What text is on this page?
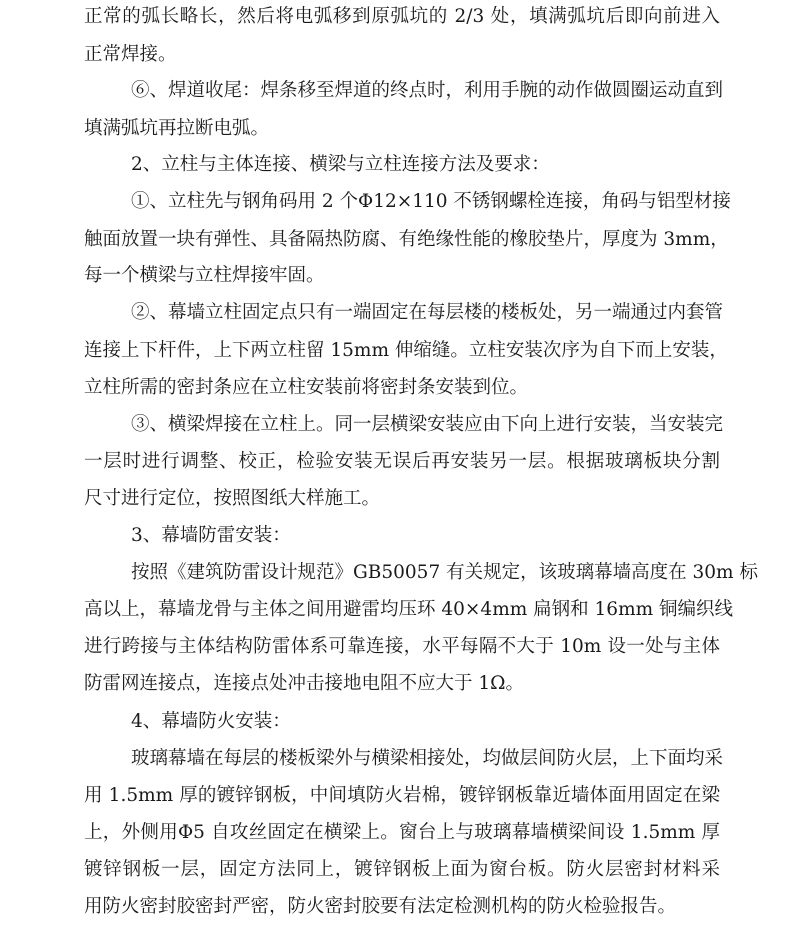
正常的弧长略长，然后将电弧移到原弧坑的 2/3 处，填满弧坑后即向前进入
正常焊接。
⑥、焊道收尾：焊条移至焊道的终点时，利用手腕的动作做圆圈运动直到
填满弧坑再拉断电弧。
2、立柱与主体连接、横梁与立柱连接方法及要求：
①、立柱先与钢角码用 2 个Φ12×110 不锈钢螺栓连接，角码与铝型材接
触面放置一块有弹性、具备隔热防腐、有绝缘性能的橡胶垫片，厚度为 3mm，
每一个横梁与立柱焊接牢固。
②、幕墙立柱固定点只有一端固定在每层楼的楼板处，另一端通过内套管
连接上下杆件，上下两立柱留 15mm 伸缩缝。立柱安装次序为自下而上安装，
立柱所需的密封条应在立柱安装前将密封条安装到位。
③、横梁焊接在立柱上。同一层横梁安装应由下向上进行安装，当安装完
一层时进行调整、校正，检验安装无误后再安装另一层。根据玻璃板块分割
尺寸进行定位，按照图纸大样施工。
3、幕墙防雷安装：
按照《建筑防雷设计规范》GB50057 有关规定，该玻璃幕墙高度在 30m 标
高以上，幕墙龙骨与主体之间用避雷均压环 40×4mm 扁钢和 16mm 铜编织线
进行跨接与主体结构防雷体系可靠连接，水平每隔不大于 10m 设一处与主体
防雷网连接点，连接点处冲击接地电阻不应大于 1Ω。
4、幕墙防火安装：
玻璃幕墙在每层的楼板梁外与横梁相接处，均做层间防火层，上下面均采
用 1.5mm 厚的镀锌钢板，中间填防火岩棉，镀锌钢板靠近墙体面用固定在梁
上，外侧用Φ5 自攻丝固定在横梁上。窗台上与玻璃幕墙横梁间设 1.5mm 厚
镀锌钢板一层，固定方法同上，镀锌钢板上面为窗台板。防火层密封材料采
用防火密封胶密封严密，防火密封胶要有法定检测机构的防火检验报告。
